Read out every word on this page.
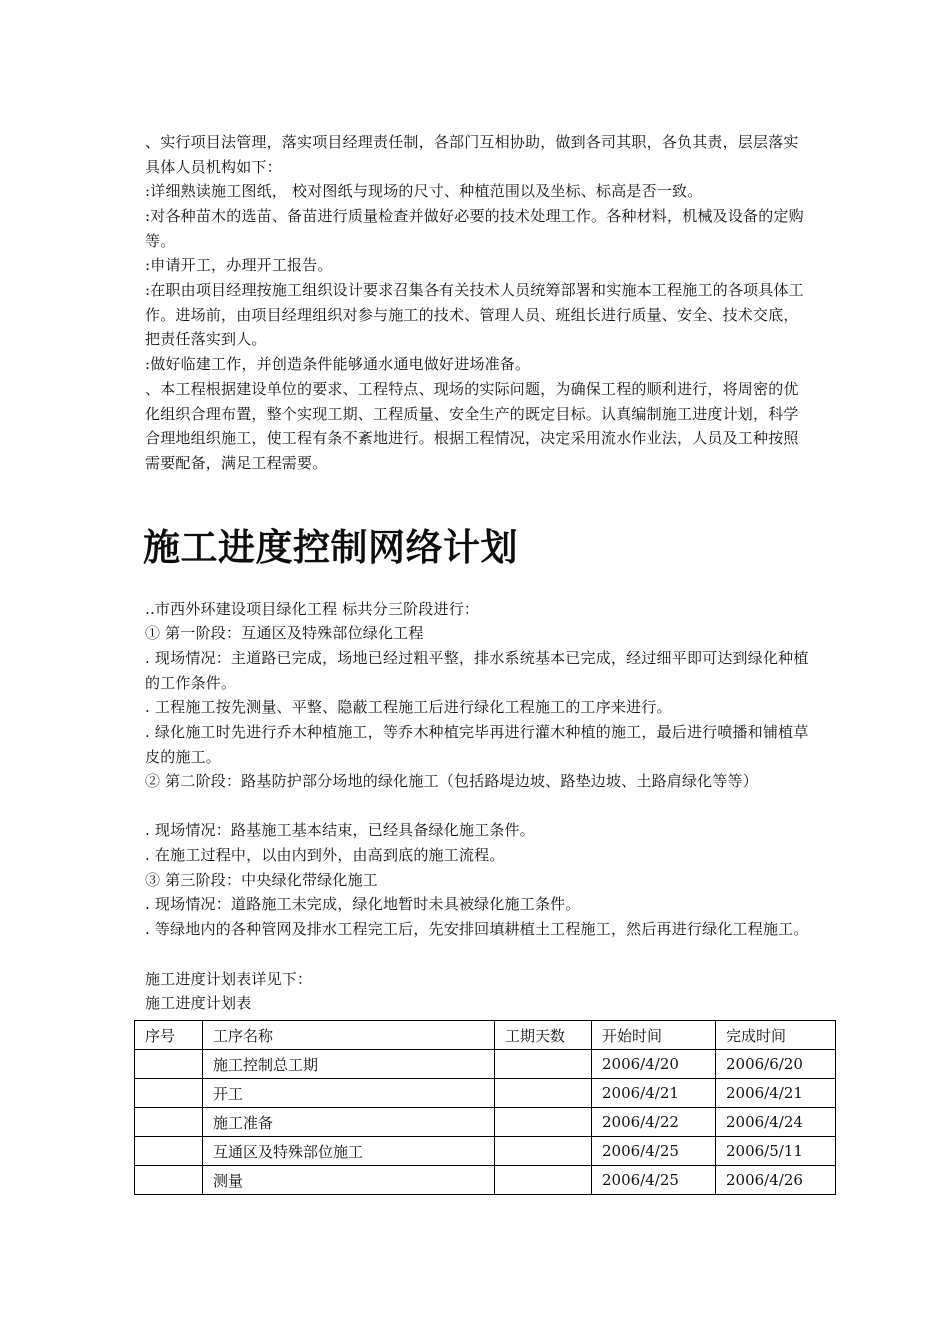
、实行项目法管理，落实项目经理责任制，各部门互相协助，做到各司其职，各负其责，层层落实具体人员机构如下：
:详细熟读施工图纸， 校对图纸与现场的尺寸、种植范围以及坐标、标高是否一致。
:对各种苗木的选苗、备苗进行质量检查并做好必要的技术处理工作。各种材料，机械及设备的定购等。
:申请开工，办理开工报告。
:在职由项目经理按施工组织设计要求召集各有关技术人员统筹部署和实施本工程施工的各项具体工作。进场前，由项目经理组织对参与施工的技术、管理人员、班组长进行质量、安全、技术交底，把责任落实到人。
:做好临建工作，并创造条件能够通水通电做好进场准备。
、本工程根据建设单位的要求、工程特点、现场的实际问题，为确保工程的顺利进行，将周密的优化组织合理布置，整个实现工期、工程质量、安全生产的既定目标。认真编制施工进度计划，科学合理地组织施工，使工程有条不紊地进行。根据工程情况，决定采用流水作业法，人员及工种按照需要配备，满足工程需要。
施工进度控制网络计划
..市西外环建设项目绿化工程 标共分三阶段进行：
① 第一阶段：互通区及特殊部位绿化工程
. 现场情况：主道路已完成，场地已经过粗平整，排水系统基本已完成，经过细平即可达到绿化种植的工作条件。
. 工程施工按先测量、平整、隐蔽工程施工后进行绿化工程施工的工序来进行。
. 绿化施工时先进行乔木种植施工，等乔木种植完毕再进行灌木种植的施工，最后进行喷播和铺植草皮的施工。
② 第二阶段：路基防护部分场地的绿化施工（包括路堤边坡、路垫边坡、土路肩绿化等等）
. 现场情况：路基施工基本结束，已经具备绿化施工条件。
. 在施工过程中，以由内到外，由高到底的施工流程。
③ 第三阶段：中央绿化带绿化施工
. 现场情况：道路施工未完成，绿化地暂时未具被绿化施工条件。
. 等绿地内的各种管网及排水工程完工后，先安排回填耕植土工程施工，然后再进行绿化工程施工。
施工进度计划表详见下：
施工进度计划表
序号	工序名称	工期天数	开始时间	完成时间
	施工控制总工期		2006/4/20	2006/6/20
	开工		2006/4/21	2006/4/21
	施工准备		2006/4/22	2006/4/24
	互通区及特殊部位施工		2006/4/25	2006/5/11
	测量		2006/4/25	2006/4/26
